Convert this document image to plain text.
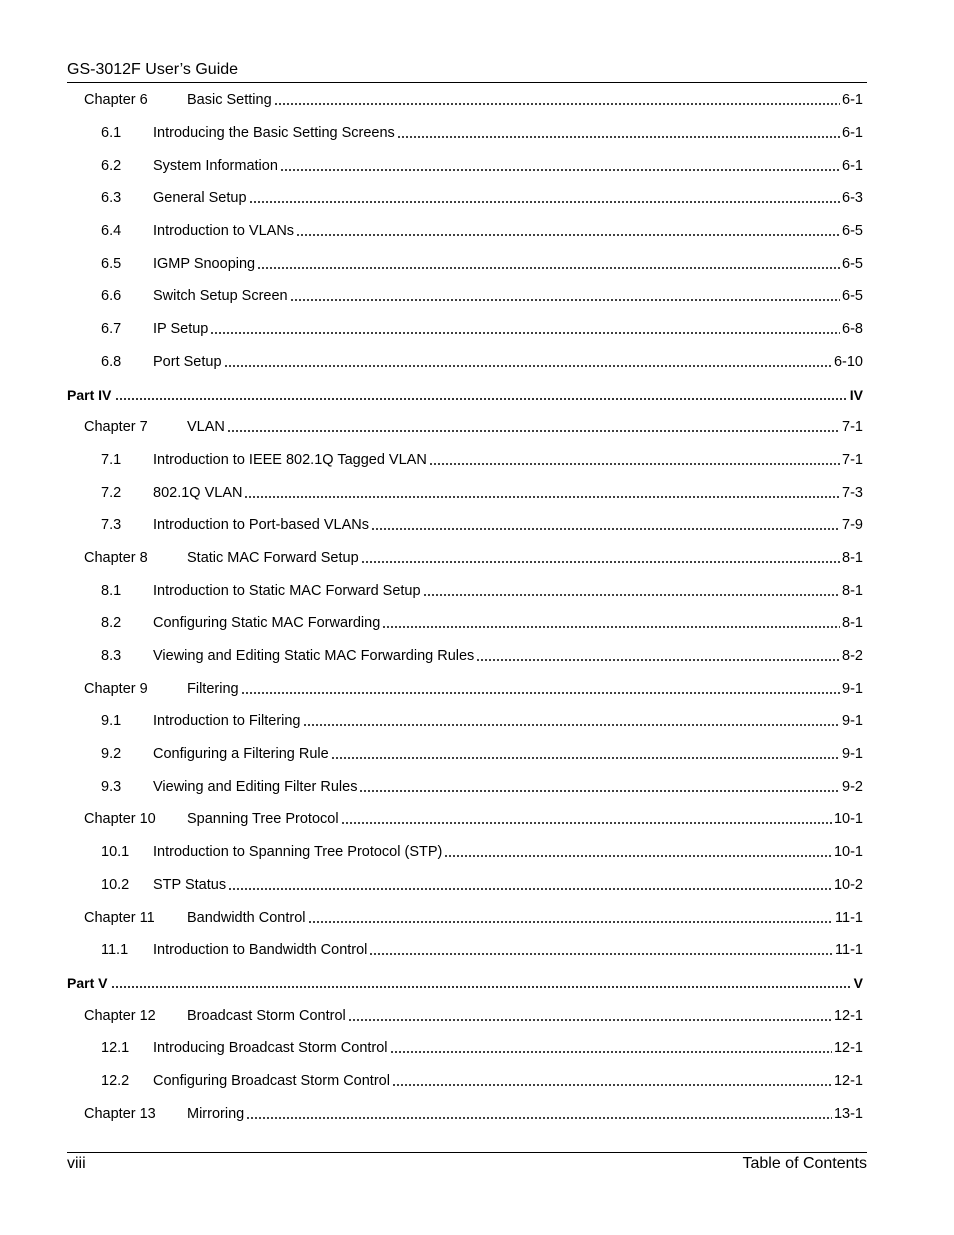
GS-3012F User’s Guide
Chapter 6	Basic Setting	6-1
6.1	Introducing the Basic Setting Screens	6-1
6.2	System Information	6-1
6.3	General Setup	6-3
6.4	Introduction to VLANs	6-5
6.5	IGMP Snooping	6-5
6.6	Switch Setup Screen	6-5
6.7	IP Setup	6-8
6.8	Port Setup	6-10
Part IV	IV
Chapter 7	VLAN	7-1
7.1	Introduction to IEEE 802.1Q Tagged VLAN	7-1
7.2	802.1Q VLAN	7-3
7.3	Introduction to Port-based VLANs	7-9
Chapter 8	Static MAC Forward Setup	8-1
8.1	Introduction to Static MAC Forward Setup	8-1
8.2	Configuring Static MAC Forwarding	8-1
8.3	Viewing and Editing Static MAC Forwarding Rules	8-2
Chapter 9	Filtering	9-1
9.1	Introduction to Filtering	9-1
9.2	Configuring a Filtering Rule	9-1
9.3	Viewing and Editing Filter Rules	9-2
Chapter 10	Spanning Tree Protocol	10-1
10.1	Introduction to Spanning Tree Protocol (STP)	10-1
10.2	STP Status	10-2
Chapter 11	Bandwidth Control	11-1
11.1	Introduction to Bandwidth Control	11-1
Part V	V
Chapter 12	Broadcast Storm Control	12-1
12.1	Introducing Broadcast Storm Control	12-1
12.2	Configuring Broadcast Storm Control	12-1
Chapter 13	Mirroring	13-1
viii	Table of Contents
